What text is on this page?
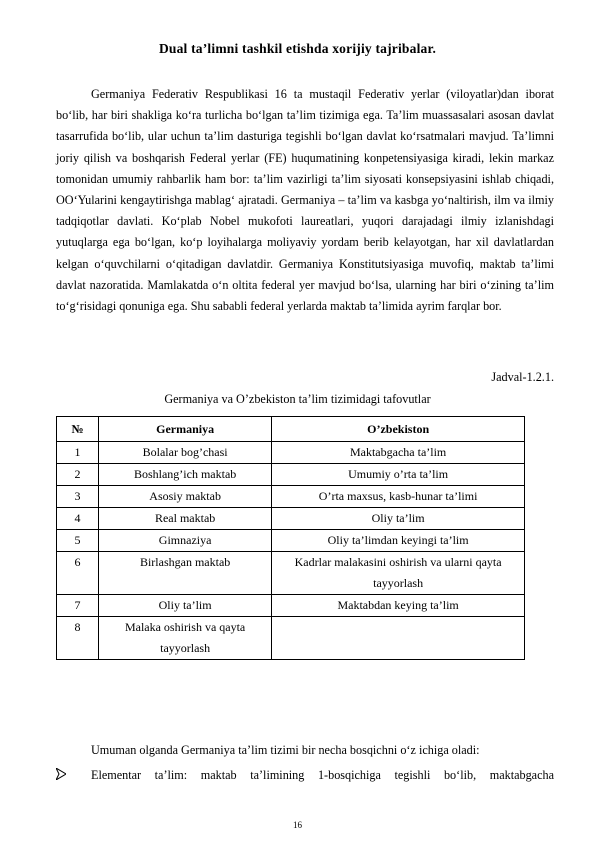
Dual ta’limni tashkil etishda xorijiy tajribalar.

Germaniya Federativ Respublikasi 16 ta mustaqil Federativ yerlar (viloyatlar)dan iborat bo‘lib, har biri shakliga ko‘ra turlicha bo‘lgan ta’lim tizimiga ega. Ta’lim muassasalari asosan davlat tasarrufida bo‘lib, ular uchun ta’lim dasturiga tegishli bo‘lgan davlat ko‘rsatmalari mavjud. Ta’limni joriy qilish va boshqarish Federal yerlar (FE) huqumatining konpetensiyasiga kiradi, lekin markaz tomonidan umumiy rahbarlik ham bor: ta’lim vazirligi ta’lim siyosati konsepsiyasini ishlab chiqadi, OO‘Yularini kengaytirishga mablag‘ ajratadi. Germaniya – ta’lim va kasbga yo‘naltirish, ilm va ilmiy tadqiqotlar davlati. Ko‘plab Nobel mukofoti laureatlari, yuqori darajadagi ilmiy izlanishdagi yutuqlarga ega bo‘lgan, ko‘p loyihalarga moliyaviy yordam berib kelayotgan, har xil davlatlardan kelgan o‘quvchilarni o‘qitadigan davlatdir. Germaniya Konstitutsiyasiga muvofiq, maktab ta’limi davlat nazoratida. Mamlakatda o‘n oltita federal yer mavjud bo‘lsa, ularning har biri o‘zining ta’lim to‘g‘risidagi qonuniga ega. Shu sababli federal yerlarda maktab ta’limida ayrim farqlar bor.

Jadval-1.2.1.
Germaniya va O’zbekiston ta’lim tizimidagi tafovutlar
№	Germaniya	O’zbekiston
1	Bolalar bog’chasi	Maktabgacha ta’lim
2	Boshlang’ich maktab	Umumiy o’rta ta’lim
3	Asosiy maktab	O’rta maxsus, kasb-hunar ta’limi
4	Real maktab	Oliy ta’lim
5	Gimnaziya	Oliy ta’limdan keyingi ta’lim
6	Birlashgan maktab	Kadrlar malakasini oshirish va ularni qayta tayyorlash
7	Oliy ta’lim	Maktabdan keying ta’lim
8	Malaka oshirish va qayta tayyorlash	
Umuman olganda Germaniya ta’lim tizimi bir necha bosqichni o‘z ichiga oladi:
Elementar ta’lim: maktab ta’limining 1-bosqichiga tegishli bo‘lib, maktabgacha
16
